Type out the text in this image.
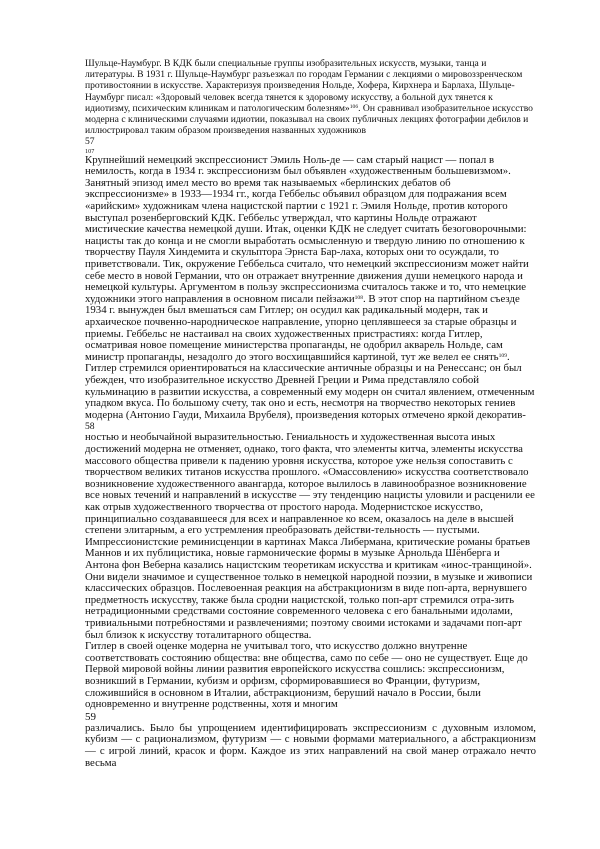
Шульце-Наумбург. В КДК были специальные группы изобразительных искусств, музыки, танца и литературы. В 1931 г. Шульце-Наумбург разъезжал по городам Германии с лекциями о мировоззренческом противостоянии в искусстве. Характеризуя произведения Нольде, Хофера, Кирхнера и Барлаха, Шульце-Наумбург писал: «Здоровый человек всегда тянется к здоровому искусству, а больной дух тянется к идиотизму, психическим клиникам и патологическим болезням»$^{106}$. Он сравнивал изобразительное искусство модерна с клиническими случаями идиотии, показывал на своих публичных лекциях фотографии дебилов и иллюстрировал таким образом произведения названных художников

57

107

Крупнейший немецкий экспрессионист Эмиль Ноль-де — сам старый нацист — попал в немилость, когда в 1934 г. экспрессионизм был объявлен «художественным большевизмом». Занятный эпизод имел место во время так называемых «берлинских дебатов об экспрессионизме» в 1933—1934 гг., когда Геббельс объявил образцом для подражания всем «арийским» художникам члена нацистской партии с 1921 г. Эмиля Нольде, против которого выступал розенберговский КДК. Геббельс утверждал, что картины Нольде отражают мистические качества немецкой души. Итак, оценки КДК не следует считать безоговорочными: нацисты так до конца и не смогли выработать осмысленную и твердую линию по отношению к творчеству Пауля Хиндемита и скульптора Эрнста Бар-лаха, которых они то осуждали, то приветствовали. Тик, окружение Геббельса считало, что немецкий экспрессионизм может найти себе место в новой Германии, что он отражает внутренние движения души немецкого народа и немецкой культуры. Аргументом в пользу экспрессионизма считалось также и то, что немецкие художники этого направления в основном писали пейзажи$^{108}$. В этот спор на партийном съезде 1934 г. вынужден был вмешаться сам Гитлер; он осудил как радикальный модерн, так и архаическое почвенно-народническое направление, упорно цеплявшееся за старые образцы и приемы. Геббельс не настаивал на своих художественных пристрастиях: когда Гитлер, осматривая новое помещение министерства пропаганды, не одобрил акварель Нольде, сам министр пропаганды, незадолго до этого восхищавшийся картиной, тут же велел ее снять$^{109}$.

Гитлер стремился ориентироваться на классические античные образцы и на Ренессанс; он был убежден, что изобразительное искусство Древней Греции и Рима представляло собой кульминацию в развитии искусства, а современный ему модерн он считал явлением, отмеченным упадком вкуса. По большому счету, так оно и есть, несмотря на творчество некоторых гениев модерна (Антонио Гауди, Михаила Врубеля), произведения которых отмечено яркой декоратив-

58

ностью и необычайной выразительностью. Гениальность и художественная высота иных достижений модерна не отменяет, однако, того факта, что элементы китча, элементы искусства массового общества привели к падению уровня искусства, которое уже нельзя сопоставить с творчеством великих титанов искусства прошлого. «Омассовлению» искусства соответствовало возникновение художественного авангарда, которое вылилось в лавинообразное возникновение все новых течений и направлений в искусстве — эту тенденцию нацисты уловили и расценили ее как отрыв художественного творчества от простого народа. Модернистское искусство, принципиально создававшееся для всех и направленное ко всем, оказалось на деле в высшей степени элитарным, а его устремления преобразовать действи-тельность — пустыми. Импрессионистские реминисценции в картинах Макса Либермана, критические романы братьев Маннов и их публицистика, новые гармонические формы в музыке Арнольда Шёнберга и Антона фон Веберна казались нацистским теоретикам искусства и критикам «инос-транщиной». Они видели значимое и существенное только в немецкой народной поэзии, в музыке и живописи классических образцов. Послевоенная реакция на абстракционизм в виде поп-арта, вернувшего предметность искусству, также была сродни нацистской, только поп-арт стремился отра-зить нетрадиционными средствами состояние современного человека с его банальными идолами, тривиальными потребностями и развлечениями; поэтому своими истоками и задачами поп-арт был близок к искусству тоталитарного общества.

Гитлер в своей оценке модерна не учитывал того, что искусство должно внутренне соответствовать состоянию общества: вне общества, само по себе — оно не существует. Еще до Первой мировой войны линии развития европейского искусства сошлись: экспрессионизм, возникший в Германии, кубизм и орфизм, сформировавшиеся во Франции, футуризм, сложившийся в основном в Италии, абстракционизм, беруший начало в России, были одновременно и внутренне родственны, хотя и многим

59

различались. Было бы упрощением идентифицировать экспрессионизм с духовным изломом, кубизм — с рационализмом, футуризм — с новыми формами материального, а абстракционизм — с игрой линий, красок и форм. Каждое из этих направлений на свой манер отражало нечто весьма
